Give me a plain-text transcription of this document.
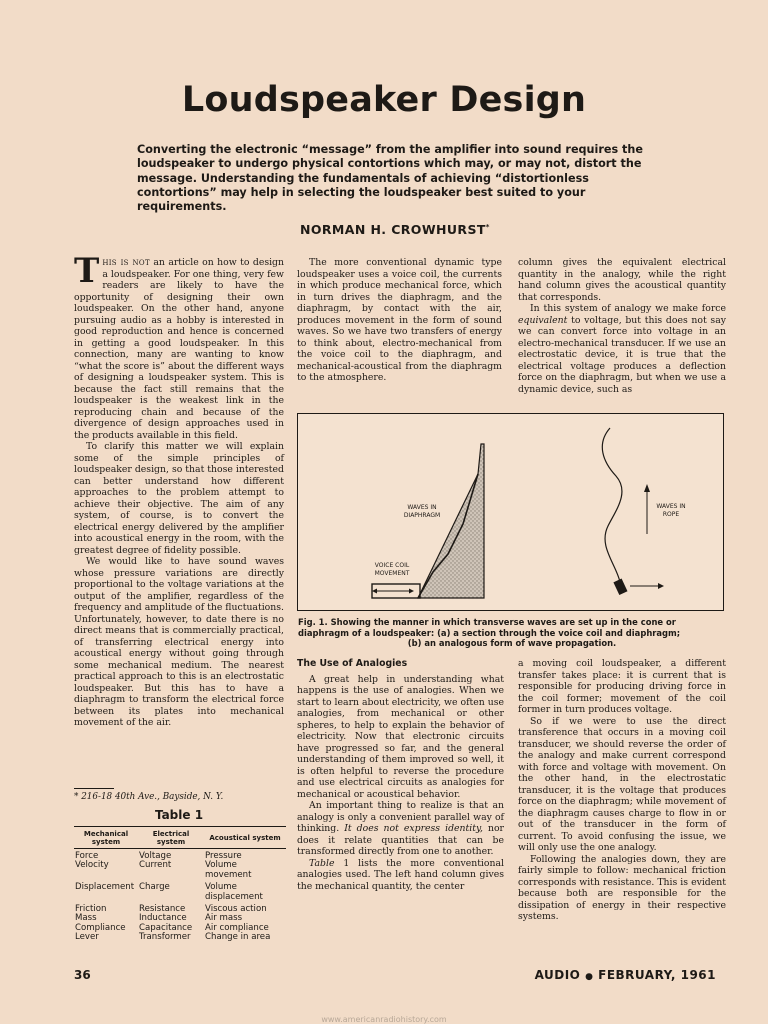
Loudspeaker Design
Converting the electronic “message” from the amplifier into sound requires the loudspeaker to undergo physical contortions which may, or may not, distort the message. Understanding the fundamentals of achieving “distortionless contortions” may help in selecting the loudspeaker best suited to your requirements.
NORMAN H. CROWHURST*

This is not an article on how to design a loudspeaker. For one thing, very few readers are likely to have the opportunity of designing their own loudspeaker. On the other hand, anyone pursuing audio as a hobby is interested in good reproduction and hence is concerned in getting a good loudspeaker. In this connection, many are wanting to know “what the score is” about the different ways of designing a loudspeaker system. This is because the fact still remains that the loudspeaker is the weakest link in the reproducing chain and because of the divergence of design approaches used in the products available in this field.

To clarify this matter we will explain some of the simple principles of loudspeaker design, so that those interested can better understand how different approaches to the problem attempt to achieve their objective. The aim of any system, of course, is to convert the electrical energy delivered by the amplifier into acoustical energy in the room, with the greatest degree of fidelity possible.

We would like to have sound waves whose pressure variations are directly proportional to the voltage variations at the output of the amplifier, regardless of the frequency and amplitude of the fluctuations. Unfortunately, however, to date there is no direct means that is commercially practical, of transferring electrical energy into acoustical energy without going through some mechanical medium. The nearest practical approach to this is an electrostatic loudspeaker. But this has to have a diaphragm to transform the electrical force between its plates into mechanical movement of the air.

* 216-18 40th Ave., Bayside, N. Y.
Table 1
Mechanical system	Electrical system	Acoustical system
Force	Voltage	Pressure
Velocity	Current	Volume movement
Displacement	Charge	Volume displacement
Friction	Resistance	Viscous action
Mass	Inductance	Air mass
Compliance	Capacitance	Air compliance
Lever	Transformer	Change in area

The more conventional dynamic type loudspeaker uses a voice coil, the currents in which produce mechanical force, which in turn drives the diaphragm, and the diaphragm, by contact with the air, produces movement in the form of sound waves. So we have two transfers of energy to think about, electro-mechanical from the voice coil to the diaphragm, and mechanical-acoustical from the diaphragm to the atmosphere.

column gives the equivalent electrical quantity in the analogy, while the right hand column gives the acoustical quantity that corresponds.

In this system of analogy we make force equivalent to voltage, but this does not say we can convert force into voltage in an electro-mechanical transducer. If we use an electrostatic device, it is true that the electrical voltage produces a deflection force on the diaphragm, but when we use a dynamic device, such as

WAVES IN
DIAPHRAGM
VOICE COIL
MOVEMENT
WAVES IN
ROPE
Fig. 1. Showing the manner in which transverse waves are set up in the cone or
diaphragm of a loudspeaker: (a) a section through the voice coil and diaphragm;
(b) an analogous form of wave propagation.
The Use of Analogies

A great help in understanding what happens is the use of analogies. When we start to learn about electricity, we often use analogies, from mechanical or other spheres, to help to explain the behavior of electricity. Now that electronic circuits have progressed so far, and the general understanding of them improved so well, it is often helpful to reverse the procedure and use electrical circuits as analogies for mechanical or acoustical behavior.

An important thing to realize is that an analogy is only a convenient parallel way of thinking. It does not express identity, nor does it relate quantities that can be transformed directly from one to another.

Table 1 lists the more conventional analogies used. The left hand column gives the mechanical quantity, the center

a moving coil loudspeaker, a different transfer takes place: it is current that is responsible for producing driving force in the coil former; movement of the coil former in turn produces voltage.

So if we were to use the direct transference that occurs in a moving coil transducer, we should reverse the order of the analogy and make current correspond with force and voltage with movement. On the other hand, in the electrostatic transducer, it is the voltage that produces force on the diaphragm; while movement of the diaphragm causes charge to flow in or out of the transducer in the form of current. To avoid confusing the issue, we will only use the one analogy.

Following the analogies down, they are fairly simple to follow: mechanical friction corresponds with resistance. This is evident because both are responsible for the dissipation of energy in their respective systems.

36	AUDIO ● FEBRUARY, 1961
www.americanradiohistory.com
